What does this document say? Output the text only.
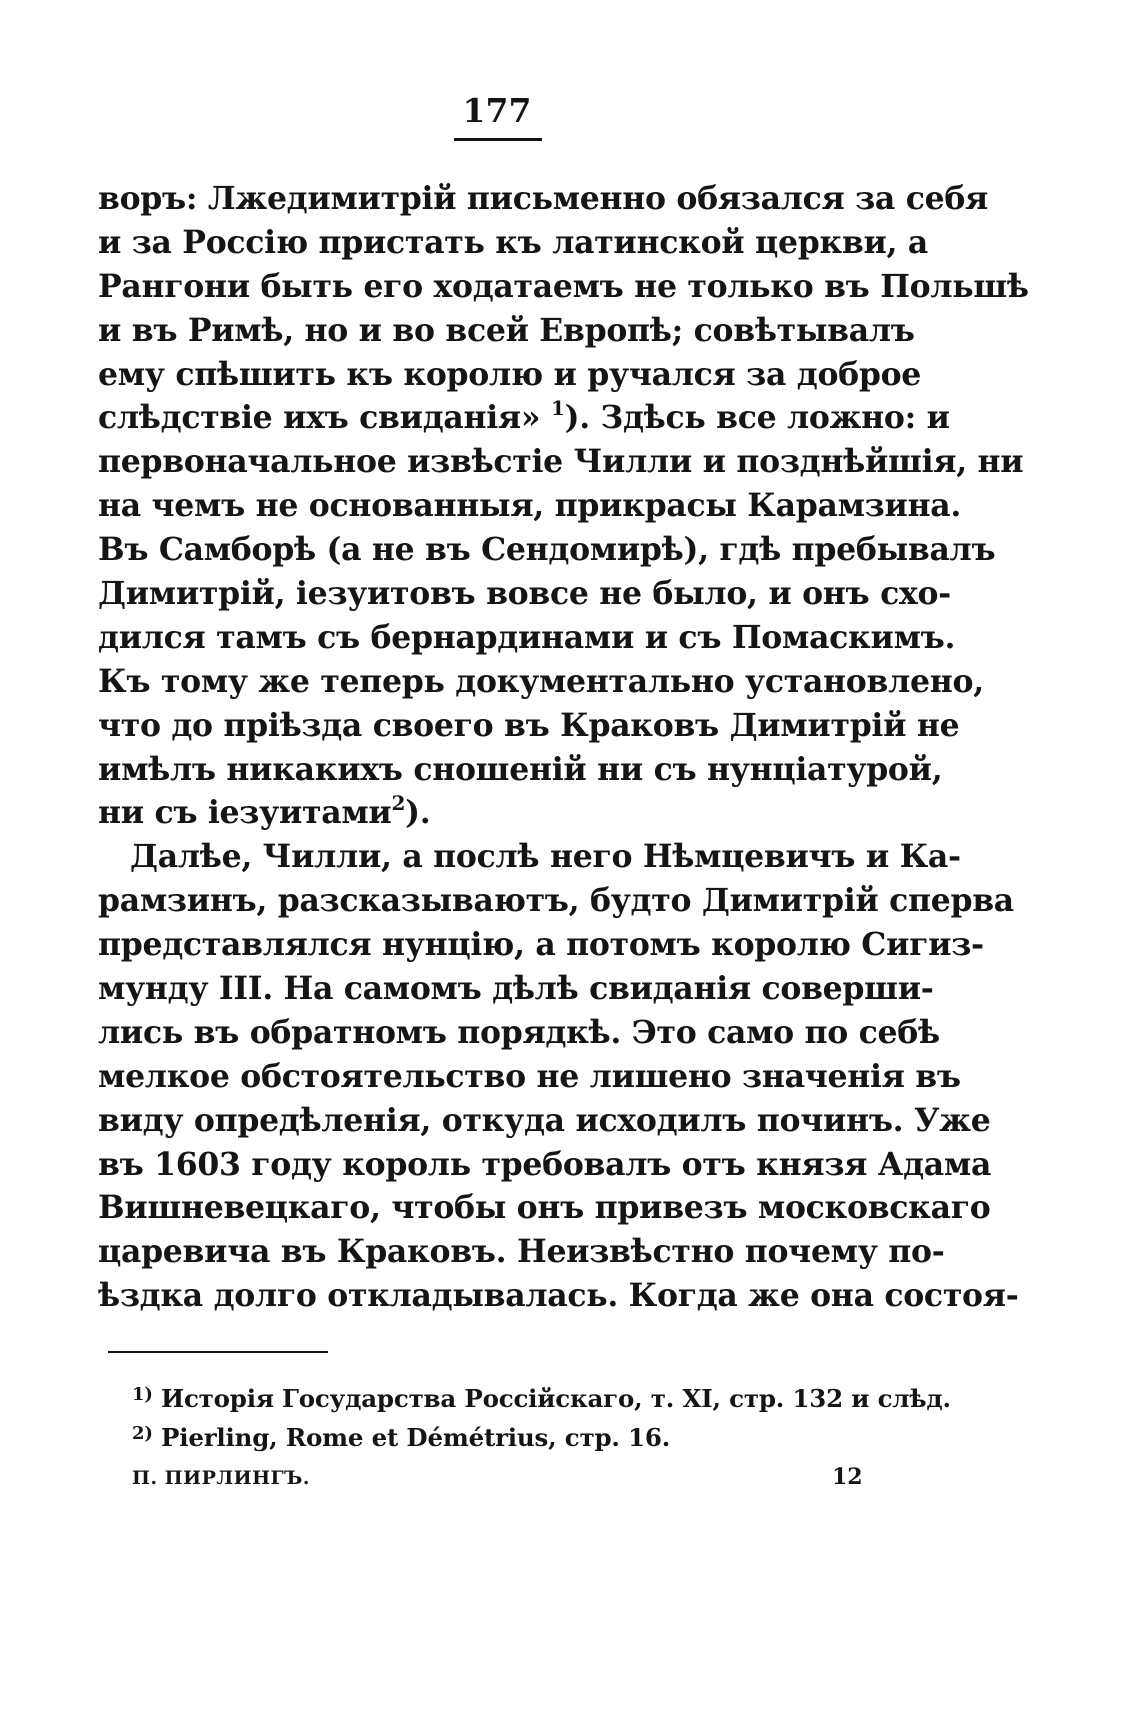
177
воръ: Лжедимитрій письменно обязался за себя
и за Россію пристать къ латинской церкви, а
Рангони быть его ходатаемъ не только въ Польшѣ
и въ Римѣ, но и во всей Европѣ; совѣтывалъ
ему спѣшить къ королю и ручался за доброе
слѣдствіе ихъ свиданія» $^1$). Здѣсь все ложно: и
первоначальное извѣстіе Чилли и позднѣйшія, ни
на чемъ не основанныя, прикрасы Карамзина.
Въ Самборѣ (а не въ Сендомирѣ), гдѣ пребывалъ
Димитрій, іезуитовъ вовсе не было, и онъ схо-
дился тамъ съ бернардинами и съ Помаскимъ.
Къ тому же теперь документально установлено,
что до пріѣзда своего въ Краковъ Димитрій не
имѣлъ никакихъ сношеній ни съ нунціатурой,
ни съ іезуитами$^2$).
Далѣе, Чилли, а послѣ него Нѣмцевичъ и Ка-
рамзинъ, разсказываютъ, будто Димитрій сперва
представлялся нунцію, а потомъ королю Сигиз-
мунду III. На самомъ дѣлѣ свиданія соверши-
лись въ обратномъ порядкѣ. Это само по себѣ
мелкое обстоятельство не лишено значенія въ
виду опредѣленія, откуда исходилъ починъ. Уже
въ 1603 году король требовалъ отъ князя Адама
Вишневецкаго, чтобы онъ привезъ московскаго
царевича въ Краковъ. Неизвѣстно почему по-
ѣздка долго откладывалась. Когда же она состоя-
$^{1)}$ Исторія Государства Россійскаго, т. XI, стр. 132 и слѣд.
$^{2)}$ Pierling, Rome et Démétrius, стр. 16.
П. ПИРЛИНГЪ.	12
